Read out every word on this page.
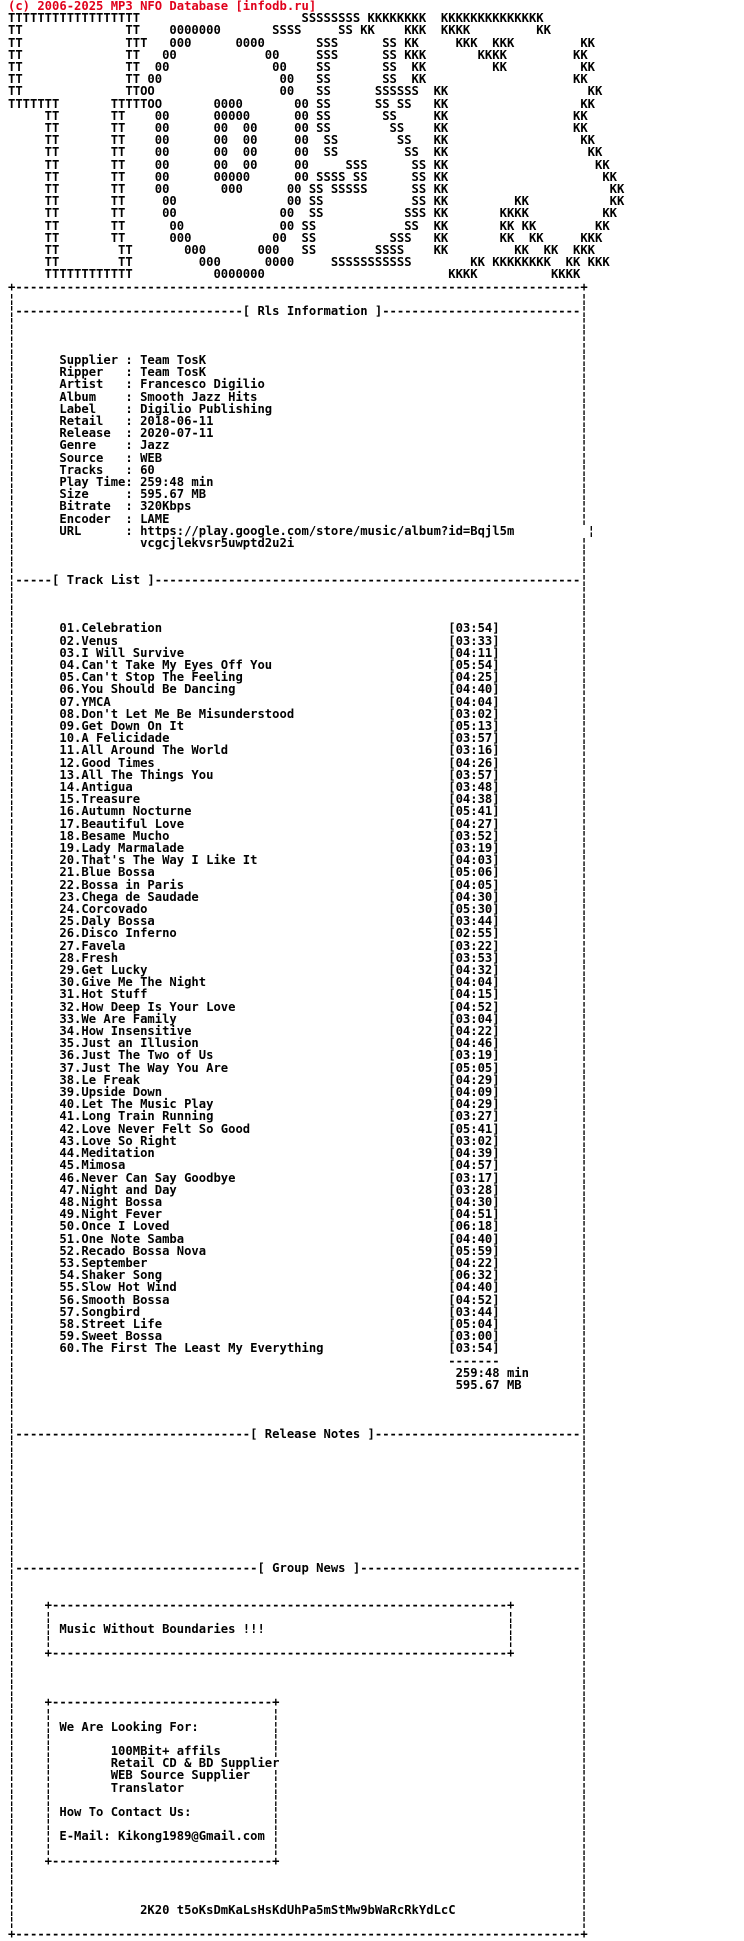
(c) 2006-2025 MP3 NFO Database [infodb.ru]
TTTTTTTTTTTTTTTTTT                      SSSSSSSS KKKKKKKK  KKKKKKKKKKKKKK
TT              TT    0000000       SSSS     SS KK    KKK  KKKK         KK
TT              TTT   000      0000       SSS      SS KK     KKK  KKK         KK
TT              TT   00            00     SSS      SS KKK       KKKK         KK
TT              TT  00              00    SS       SS  KK         KK          KK
TT              TT 00                00   SS       SS  KK                    KK
TT              TTOO                 00   SS      SSSSSS  KK                   KK
TTTTTTT       TTTTTOO       0000       00 SS      SS SS   KK                  KK
TT       TT    00      00000      00 SS       SS     KK                 KK
TT       TT    00      00  00     00 SS        SS    KK                 KK
TT       TT    00      00  00     00  SS        SS   KK                  KK
TT       TT    00      00  00     00  SS         SS  KK                   KK
TT       TT    00      00  00     00     SSS      SS KK                    KK
TT       TT    00      00000      00 SSSS SS      SS KK                     KK
TT       TT    00       000      00 SS SSSSS      SS KK                      KK
TT       TT     00               00 SS            SS KK         KK           KK
TT       TT     00              00  SS           SSS KK       KKKK          KK
TT       TT      00             00 SS            SS  KK       KK KK        KK
TT       TT      000           00  SS          SSS   KK       KK  KK     KKK
TT        TT       000       000   SS        SSSS    KK         KK  KK  KKK
TT        TT         000      0000     SSSSSSSSSSS        KK KKKKKKKK  KK KKK
TTTTTTTTTTTT           0000000                         KKKK          KKKK
+-----------------------------------------------------------------------------+
¦                                                                             ¦
¦-------------------------------[ Rls Information ]---------------------------¦
¦                                                                             ¦
¦                                                                             ¦
¦                                                                             ¦
¦      Supplier : Team TosK                                                   ¦
¦      Ripper   : Team TosK                                                   ¦
¦      Artist   : Francesco Digilio                                           ¦
¦      Album    : Smooth Jazz Hits                                            ¦
¦      Label    : Digilio Publishing                                          ¦
¦      Retail   : 2018-06-11                                                  ¦
¦      Release  : 2020-07-11                                                  ¦
¦      Genre    : Jazz                                                        ¦
¦      Source   : WEB                                                         ¦
¦      Tracks   : 60                                                          ¦
¦      Play Time: 259:48 min                                                  ¦
¦      Size     : 595.67 MB                                                   ¦
¦      Bitrate  : 320Kbps                                                     ¦
¦      Encoder  : LAME                                                        ¦
¦      URL      : https://play.google.com/store/music/album?id=Bqjl5m          ¦
¦                 vcgcjlekvsr5uwptd2u2i                                       ¦
¦                                                                             ¦
¦                                                                             ¦
¦-----[ Track List ]----------------------------------------------------------¦
¦                                                                             ¦
¦                                                                             ¦
¦                                                                             ¦
¦      01.Celebration                                       [03:54]           ¦
¦      02.Venus                                             [03:33]           ¦
¦      03.I Will Survive                                    [04:11]           ¦
¦      04.Can't Take My Eyes Off You                        [05:54]           ¦
¦      05.Can't Stop The Feeling                            [04:25]           ¦
¦      06.You Should Be Dancing                             [04:40]           ¦
¦      07.YMCA                                              [04:04]           ¦
¦      08.Don't Let Me Be Misunderstood                     [03:02]           ¦
¦      09.Get Down On It                                    [05:13]           ¦
¦      10.A Felicidade                                      [03:57]           ¦
¦      11.All Around The World                              [03:16]           ¦
¦      12.Good Times                                        [04:26]           ¦
¦      13.All The Things You                                [03:57]           ¦
¦      14.Antigua                                           [03:48]           ¦
¦      15.Treasure                                          [04:38]           ¦
¦      16.Autumn Nocturne                                   [05:41]           ¦
¦      17.Beautiful Love                                    [04:27]           ¦
¦      18.Besame Mucho                                      [03:52]           ¦
¦      19.Lady Marmalade                                    [03:19]           ¦
¦      20.That's The Way I Like It                          [04:03]           ¦
¦      21.Blue Bossa                                        [05:06]           ¦
¦      22.Bossa in Paris                                    [04:05]           ¦
¦      23.Chega de Saudade                                  [04:30]           ¦
¦      24.Corcovado                                         [05:30]           ¦
¦      25.Daly Bossa                                        [03:44]           ¦
¦      26.Disco Inferno                                     [02:55]           ¦
¦      27.Favela                                            [03:22]           ¦
¦      28.Fresh                                             [03:53]           ¦
¦      29.Get Lucky                                         [04:32]           ¦
¦      30.Give Me The Night                                 [04:04]           ¦
¦      31.Hot Stuff                                         [04:15]           ¦
¦      32.How Deep Is Your Love                             [04:52]           ¦
¦      33.We Are Family                                     [03:04]           ¦
¦      34.How Insensitive                                   [04:22]           ¦
¦      35.Just an Illusion                                  [04:46]           ¦
¦      36.Just The Two of Us                                [03:19]           ¦
¦      37.Just The Way You Are                              [05:05]           ¦
¦      38.Le Freak                                          [04:29]           ¦
¦      39.Upside Down                                       [04:09]           ¦
¦      40.Let The Music Play                                [04:29]           ¦
¦      41.Long Train Running                                [03:27]           ¦
¦      42.Love Never Felt So Good                           [05:41]           ¦
¦      43.Love So Right                                     [03:02]           ¦
¦      44.Meditation                                        [04:39]           ¦
¦      45.Mimosa                                            [04:57]           ¦
¦      46.Never Can Say Goodbye                             [03:17]           ¦
¦      47.Night and Day                                     [03:28]           ¦
¦      48.Night Bossa                                       [04:30]           ¦
¦      49.Night Fever                                       [04:51]           ¦
¦      50.Once I Loved                                      [06:18]           ¦
¦      51.One Note Samba                                    [04:40]           ¦
¦      52.Recado Bossa Nova                                 [05:59]           ¦
¦      53.September                                         [04:22]           ¦
¦      54.Shaker Song                                       [06:32]           ¦
¦      55.Slow Hot Wind                                     [04:40]           ¦
¦      56.Smooth Bossa                                      [04:52]           ¦
¦      57.Songbird                                          [03:44]           ¦
¦      58.Street Life                                       [05:04]           ¦
¦      59.Sweet Bossa                                       [03:00]           ¦
¦      60.The First The Least My Everything                 [03:54]           ¦
¦                                                           -------           ¦
¦                                                            259:48 min       ¦
¦                                                            595.67 MB        ¦
¦                                                                             ¦
¦                                                                             ¦
¦                                                                             ¦
¦--------------------------------[ Release Notes ]----------------------------¦
¦                                                                             ¦
¦                                                                             ¦
¦                                                                             ¦
¦                                                                             ¦
¦                                                                             ¦
¦                                                                             ¦
¦                                                                             ¦
¦                                                                             ¦
¦                                                                             ¦
¦                                                                             ¦
¦---------------------------------[ Group News ]------------------------------¦
¦                                                                             ¦
¦                                                                             ¦
¦    +--------------------------------------------------------------+         ¦
¦    ¦                                                              ¦         ¦
¦    ¦ Music Without Boundaries !!!                                 ¦         ¦
¦    ¦                                                              ¦         ¦
¦    +--------------------------------------------------------------+         ¦
¦                                                                             ¦
¦                                                                             ¦
¦                                                                             ¦
¦    +------------------------------+                                         ¦
¦    ¦                              ¦                                         ¦
¦    ¦ We Are Looking For:          ¦                                         ¦
¦    ¦                              ¦                                         ¦
¦    ¦        100MBit+ affils       ¦                                         ¦
¦    ¦        Retail CD & BD Supplier                                         ¦
¦    ¦        WEB Source Supplier   ¦                                         ¦
¦    ¦        Translator            ¦                                         ¦
¦    ¦                              ¦                                         ¦
¦    ¦ How To Contact Us:           ¦                                         ¦
¦    ¦                              ¦                                         ¦
¦    ¦ E-Mail: Kikong1989@Gmail.com ¦                                         ¦
¦    ¦                              ¦                                         ¦
¦    +------------------------------+                                         ¦
¦                                                                             ¦
¦                                                                             ¦
¦                                                                             ¦
¦                 2K20 t5oKsDmKaLsHsKdUhPa5mStMw9bWaRcRkYdLcC                 ¦
¦                                                                             ¦
+-----------------------------------------------------------------------------+
